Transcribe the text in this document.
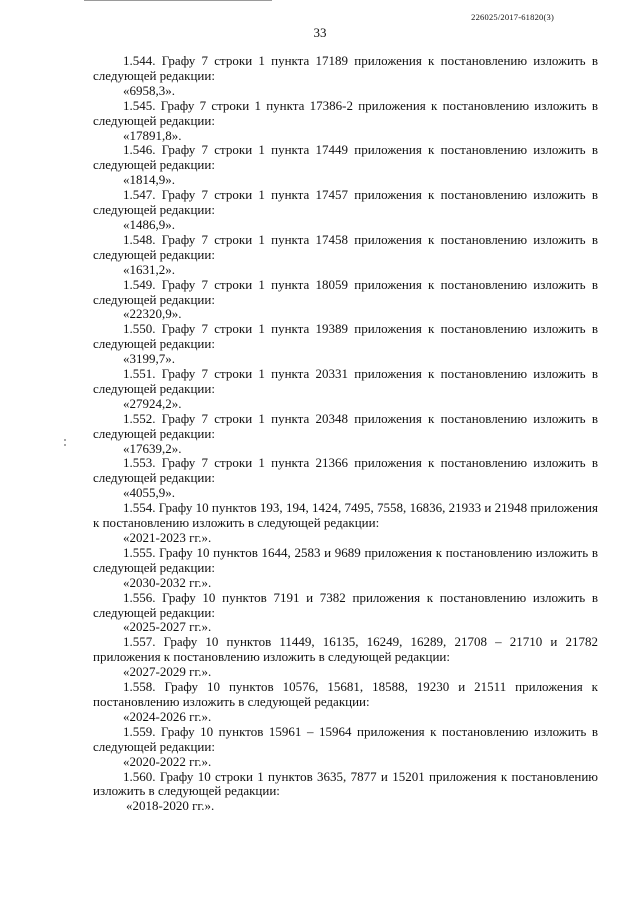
226025/2017-61820(3)
33
1.544. Графу 7 строки 1 пункта 17189 приложения к постановлению изложить в следующей редакции:
«6958,3».
1.545. Графу 7 строки 1 пункта 17386-2 приложения к постановлению изложить в следующей редакции:
«17891,8».
1.546. Графу 7 строки 1 пункта 17449 приложения к постановлению изложить в следующей редакции:
«1814,9».
1.547. Графу 7 строки 1 пункта 17457 приложения к постановлению изложить в следующей редакции:
«1486,9».
1.548. Графу 7 строки 1 пункта 17458 приложения к постановлению изложить в следующей редакции:
«1631,2».
1.549. Графу 7 строки 1 пункта 18059 приложения к постановлению изложить в следующей редакции:
«22320,9».
1.550. Графу 7 строки 1 пункта 19389 приложения к постановлению изложить в следующей редакции:
«3199,7».
1.551. Графу 7 строки 1 пункта 20331 приложения к постановлению изложить в следующей редакции:
«27924,2».
1.552. Графу 7 строки 1 пункта 20348 приложения к постановлению изложить в следующей редакции:
«17639,2».
1.553. Графу 7 строки 1 пункта 21366 приложения к постановлению изложить в следующей редакции:
«4055,9».
1.554. Графу 10 пунктов 193, 194, 1424, 7495, 7558, 16836, 21933 и 21948 приложения к постановлению изложить в следующей редакции:
«2021-2023 гг.».
1.555. Графу 10 пунктов 1644, 2583 и 9689 приложения к постановлению изложить в следующей редакции:
«2030-2032 гг.».
1.556. Графу 10 пунктов 7191 и 7382 приложения к постановлению изложить в следующей редакции:
«2025-2027 гг.».
1.557. Графу 10 пунктов 11449, 16135, 16249, 16289, 21708 – 21710 и 21782 приложения к постановлению изложить в следующей редакции:
«2027-2029 гг.».
1.558. Графу 10 пунктов 10576, 15681, 18588, 19230 и 21511 приложения к постановлению изложить в следующей редакции:
«2024-2026 гг.».
1.559. Графу 10 пунктов 15961 – 15964 приложения к постановлению изложить в следующей редакции:
«2020-2022 гг.».
1.560. Графу 10 строки 1 пунктов 3635, 7877 и 15201 приложения к постановлению изложить в следующей редакции:
«2018-2020 гг.».
